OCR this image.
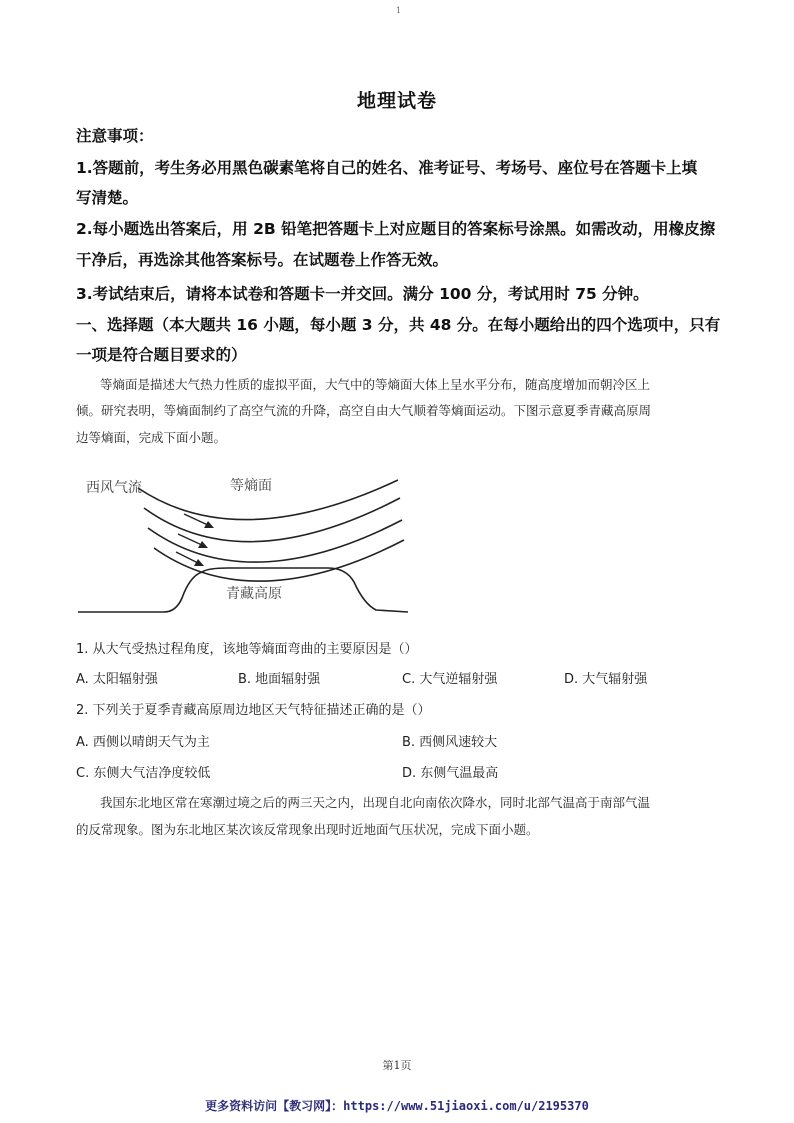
1
地理试卷
注意事项：
1.答题前，考生务必用黑色碳素笔将自己的姓名、准考证号、考场号、座位号在答题卡上填
写清楚。
2.每小题选出答案后，用 2B 铅笔把答题卡上对应题目的答案标号涂黑。如需改动，用橡皮擦
干净后，再选涂其他答案标号。在试题卷上作答无效。
3.考试结束后，请将本试卷和答题卡一并交回。满分 100 分，考试用时 75 分钟。
一、选择题（本大题共 16 小题，每小题 3 分，共 48 分。在每小题给出的四个选项中，只有
一项是符合题目要求的）
等熵面是描述大气热力性质的虚拟平面，大气中的等熵面大体上呈水平分布，随高度增加而朝冷区上
倾。研究表明，等熵面制约了高空气流的升降，高空自由大气顺着等熵面运动。下图示意夏季青藏高原周
边等熵面，完成下面小题。
西风气流	等熵面
青藏高原
1. 从大气受热过程角度，该地等熵面弯曲的主要原因是（）
A. 太阳辐射强	B. 地面辐射强	C. 大气逆辐射强	D. 大气辐射强
2. 下列关于夏季青藏高原周边地区天气特征描述正确的是（）
A. 西侧以晴朗天气为主	B. 西侧风速较大
C. 东侧大气洁净度较低	D. 东侧气温最高
我国东北地区常在寒潮过境之后的两三天之内，出现自北向南依次降水，同时北部气温高于南部气温
的反常现象。图为东北地区某次该反常现象出现时近地面气压状况，完成下面小题。
第1页
更多资料访问【教习网】：https://www.51jiaoxi.com/u/2195370
